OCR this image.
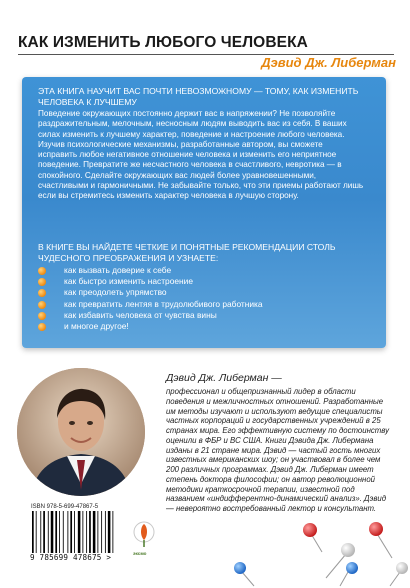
КАК ИЗМЕНИТЬ ЛЮБОГО ЧЕЛОВЕКА
Дэвид Дж. Либерман
ЭТА КНИГА НАУЧИТ ВАС ПОЧТИ НЕВОЗМОЖНОМУ — ТОМУ, КАК ИЗМЕНИТЬ ЧЕЛОВЕКА К ЛУЧШЕМУ

Поведение окружающих постоянно держит вас в напряжении? Не позволяйте раздражительным, мелочным, несносным людям выводить вас из себя. В ваших силах изменить к лучшему характер, поведение и настроение любого человека. Изучив психологические механизмы, разработанные автором, вы сможете исправить любое негативное отношение человека и изменить его неприятное поведение. Превратите же несчастного человека в счастливого, невротика — в спокойного. Сделайте окружающих вас людей более уравновешенными, счастливыми и гармоничными. Не забывайте только, что эти приемы работают лишь если вы стремитесь изменить характер человека в лучшую сторону.

В КНИГЕ ВЫ НАЙДЕТЕ ЧЕТКИЕ И ПОНЯТНЫЕ РЕКОМЕНДАЦИИ СТОЛЬ ЧУДЕСНОГО ПРЕОБРАЖЕНИЯ И УЗНАЕТЕ:
как вызвать доверие к себе
как быстро изменить настроение
как преодолеть упрямство
как превратить лентяя в трудолюбивого работника
как избавить человека от чувства вины
и многое другое!
Дэвид Дж. Либерман —
профессионал и общепризнанный лидер в области поведения и межличностных отношений. Разработанные им методы изучают и используют ведущие специалисты частных корпораций и государственных учреждений в 25 странах мира. Его эффективную систему по достоинству оценили в ФБР и ВС США. Книги Дэвида Дж. Либермана изданы в 21 стране мира. Дэвид — частый гость многих известных американских шоу; он участвовал в более чем 200 различных программах. Дэвид Дж. Либерман имеет степень доктора философии; он автор революционной методики краткосрочной терапии, известной под названием «индифферентно-динамический анализ». Дэвид — невероятно востребованный лектор и консультант.
ISBN 978-5-699-47867-5
9 785699 478675 >	эксмо
